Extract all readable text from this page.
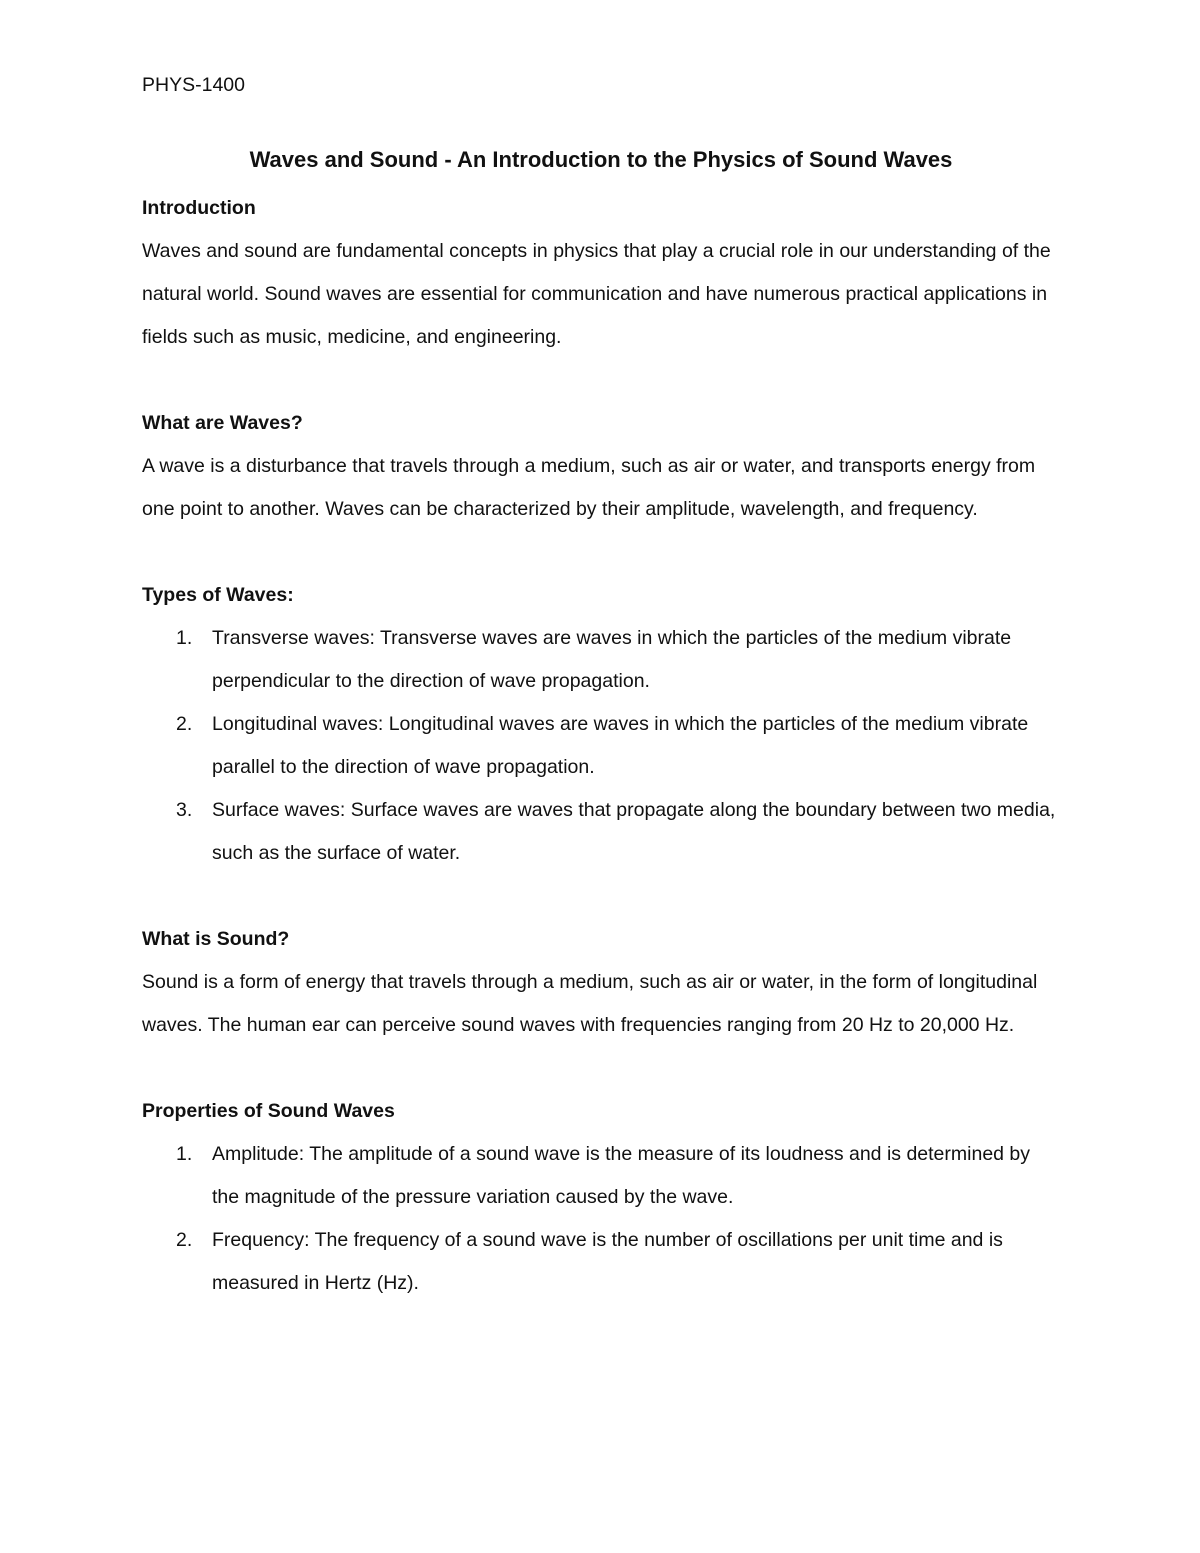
PHYS-1400

Waves and Sound - An Introduction to the Physics of Sound Waves

Introduction

Waves and sound are fundamental concepts in physics that play a crucial role in our understanding of the natural world. Sound waves are essential for communication and have numerous practical applications in fields such as music, medicine, and engineering.

What are Waves?

A wave is a disturbance that travels through a medium, such as air or water, and transports energy from one point to another. Waves can be characterized by their amplitude, wavelength, and frequency.

Types of Waves:

1. Transverse waves: Transverse waves are waves in which the particles of the medium vibrate perpendicular to the direction of wave propagation.
2. Longitudinal waves: Longitudinal waves are waves in which the particles of the medium vibrate parallel to the direction of wave propagation.
3. Surface waves: Surface waves are waves that propagate along the boundary between two media, such as the surface of water.

What is Sound?

Sound is a form of energy that travels through a medium, such as air or water, in the form of longitudinal waves. The human ear can perceive sound waves with frequencies ranging from 20 Hz to 20,000 Hz.

Properties of Sound Waves

1. Amplitude: The amplitude of a sound wave is the measure of its loudness and is determined by the magnitude of the pressure variation caused by the wave.
2. Frequency: The frequency of a sound wave is the number of oscillations per unit time and is measured in Hertz (Hz).
